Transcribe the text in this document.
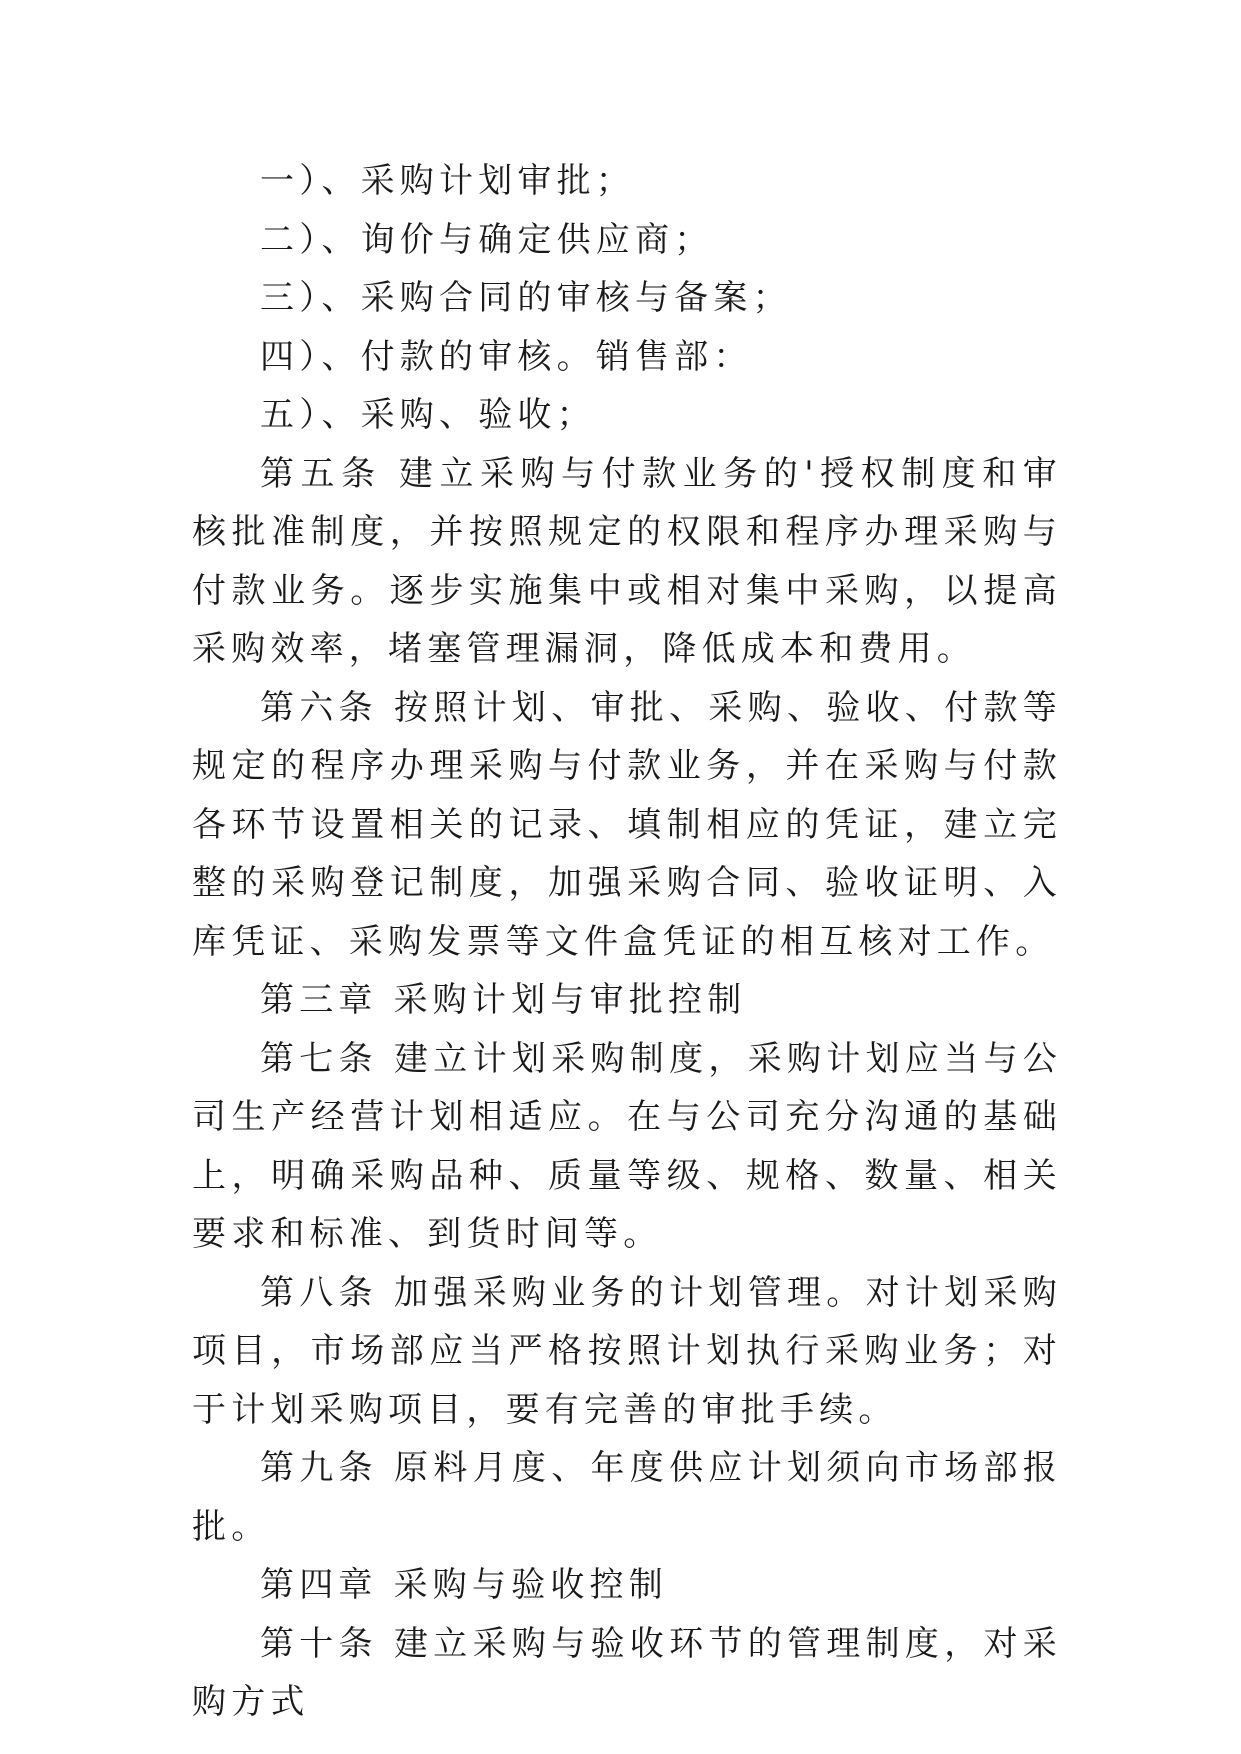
一）、采购计划审批；

二）、询价与确定供应商；

三）、采购合同的审核与备案；

四）、付款的审核。销售部：

五）、采购、验收；

第五条 建立采购与付款业务的'授权制度和审核批准制度，并按照规定的权限和程序办理采购与付款业务。逐步实施集中或相对集中采购，以提高采购效率，堵塞管理漏洞，降低成本和费用。

第六条 按照计划、审批、采购、验收、付款等规定的程序办理采购与付款业务，并在采购与付款各环节设置相关的记录、填制相应的凭证，建立完整的采购登记制度，加强采购合同、验收证明、入库凭证、采购发票等文件盒凭证的相互核对工作。

第三章 采购计划与审批控制

第七条 建立计划采购制度，采购计划应当与公司生产经营计划相适应。在与公司充分沟通的基础上，明确采购品种、质量等级、规格、数量、相关要求和标准、到货时间等。

第八条 加强采购业务的计划管理。对计划采购项目，市场部应当严格按照计划执行采购业务；对于计划采购项目，要有完善的审批手续。

第九条 原料月度、年度供应计划须向市场部报批。

第四章 采购与验收控制

第十条 建立采购与验收环节的管理制度，对采购方式
